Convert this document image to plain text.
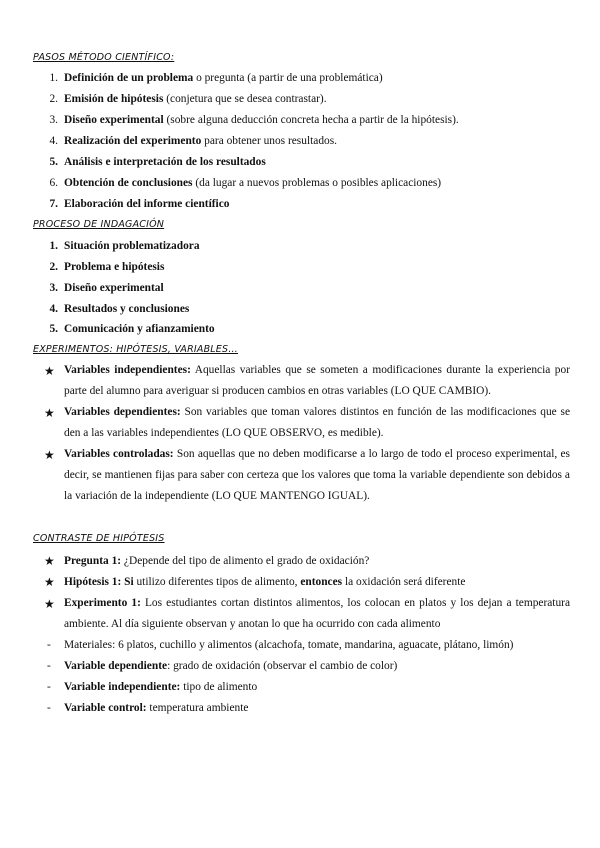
PASOS MÉTODO CIENTÍFICO:
1. Definición de un problema o pregunta (a partir de una problemática)
2. Emisión de hipótesis (conjetura que se desea contrastar).
3. Diseño experimental (sobre alguna deducción concreta hecha a partir de la hipótesis).
4. Realización del experimento para obtener unos resultados.
5. Análisis e interpretación de los resultados
6. Obtención de conclusiones (da lugar a nuevos problemas o posibles aplicaciones)
7. Elaboración del informe científico
PROCESO DE INDAGACIÓN
1. Situación problematizadora
2. Problema e hipótesis
3. Diseño experimental
4. Resultados y conclusiones
5. Comunicación y afianzamiento
EXPERIMENTOS: HIPÓTESIS, VARIABLES…
★ Variables independientes: Aquellas variables que se someten a modificaciones durante la experiencia por parte del alumno para averiguar si producen cambios en otras variables (LO QUE CAMBIO).
★ Variables dependientes: Son variables que toman valores distintos en función de las modificaciones que se den a las variables independientes (LO QUE OBSERVO, es medible).
★ Variables controladas: Son aquellas que no deben modificarse a lo largo de todo el proceso experimental, es decir, se mantienen fijas para saber con certeza que los valores que toma la variable dependiente son debidos a la variación de la independiente (LO QUE MANTENGO IGUAL).
CONTRASTE DE HIPÓTESIS
★ Pregunta 1: ¿Depende del tipo de alimento el grado de oxidación?
★ Hipótesis 1: Si utilizo diferentes tipos de alimento, entonces la oxidación será diferente
★ Experimento 1: Los estudiantes cortan distintos alimentos, los colocan en platos y los dejan a temperatura ambiente. Al día siguiente observan y anotan lo que ha ocurrido con cada alimento
- Materiales: 6 platos, cuchillo y alimentos (alcachofa, tomate, mandarina, aguacate, plátano, limón)
- Variable dependiente: grado de oxidación (observar el cambio de color)
- Variable independiente: tipo de alimento
- Variable control: temperatura ambiente
